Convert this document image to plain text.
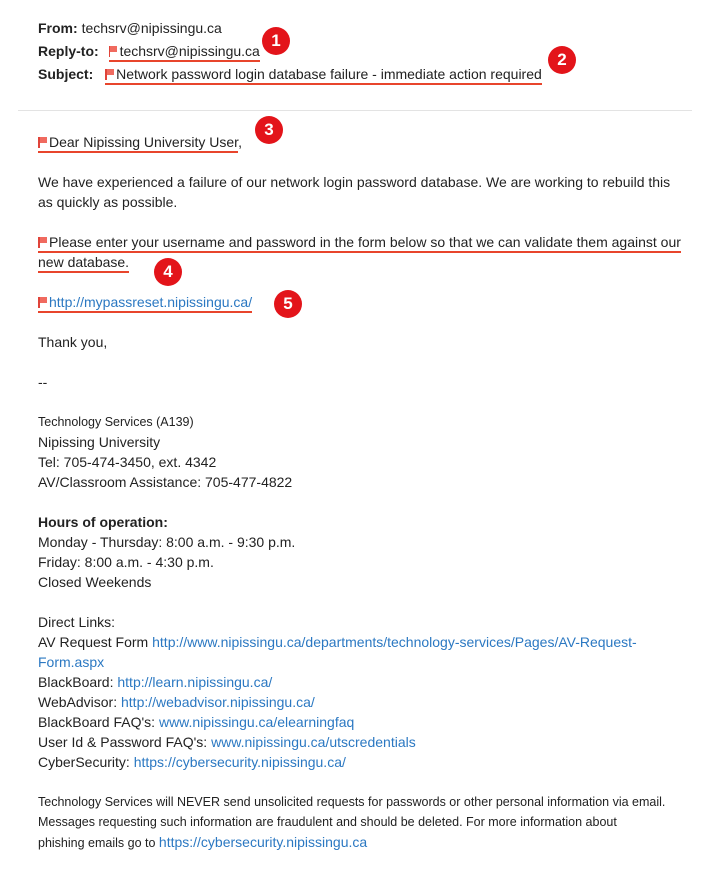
From: techsrv@nipissingu.ca
Reply-to: techsrv@nipissingu.ca
Subject: Network password login database failure - immediate action required
1
2
Dear Nipissing University User,
3
We have experienced a failure of our network login password database. We are working to rebuild this as quickly as possible.
Please enter your username and password in the form below so that we can validate them against our
new database.	4
http://mypassreset.nipissingu.ca/	5
Thank you,
--
Technology Services (A139)
Nipissing University
Tel: 705-474-3450, ext. 4342
AV/Classroom Assistance: 705-477-4822
Hours of operation:
Monday - Thursday: 8:00 a.m. - 9:30 p.m.
Friday: 8:00 a.m. - 4:30 p.m.
Closed Weekends
Direct Links:
AV Request Form http://www.nipissingu.ca/departments/technology-services/Pages/AV-Request-
Form.aspx
BlackBoard: http://learn.nipissingu.ca/
WebAdvisor: http://webadvisor.nipissingu.ca/
BlackBoard FAQ's: www.nipissingu.ca/elearningfaq
User Id & Password FAQ's: www.nipissingu.ca/utscredentials
CyberSecurity: https://cybersecurity.nipissingu.ca/
Technology Services will NEVER send unsolicited requests for passwords or other personal information via email.
Messages requesting such information are fraudulent and should be deleted. For more information about
phishing emails go to https://cybersecurity.nipissingu.ca
